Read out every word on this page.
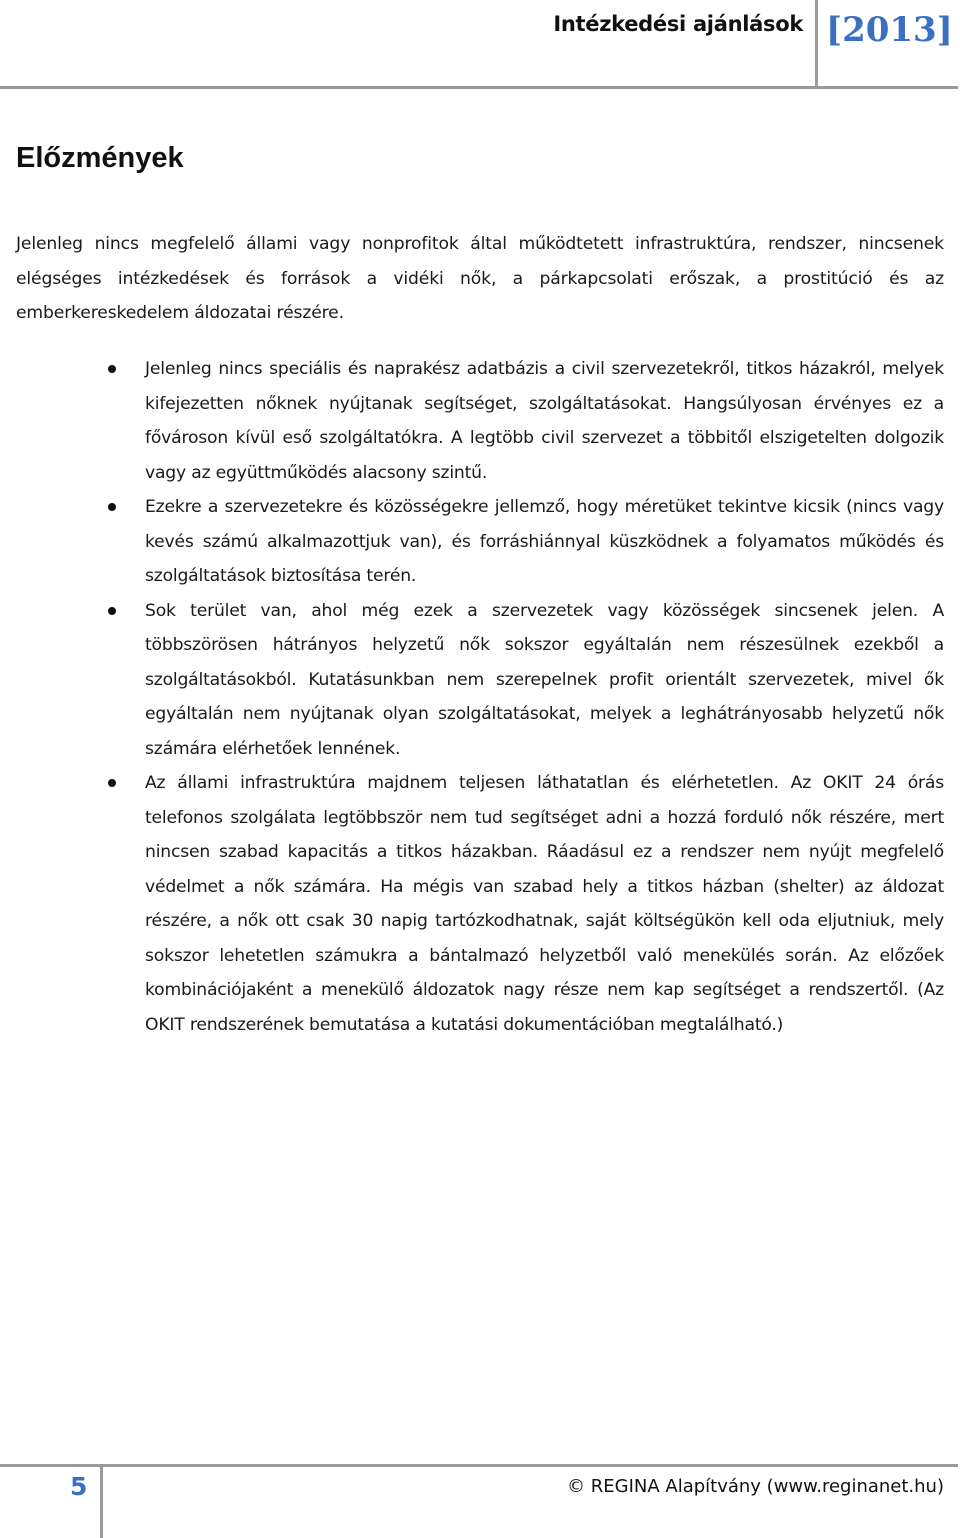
Intézkedési ajánlások [2013]
Előzmények

Jelenleg nincs megfelelő állami vagy nonprofitok által működtetett infrastruktúra, rendszer, nincsenek elégséges intézkedések és források a vidéki nők, a párkapcsolati erőszak, a prostitúció és az emberkereskedelem áldozatai részére.

Jelenleg nincs speciális és naprakész adatbázis a civil szervezetekről, titkos házakról, melyek kifejezetten nőknek nyújtanak segítséget, szolgáltatásokat. Hangsúlyosan érvényes ez a fővároson kívül eső szolgáltatókra. A legtöbb civil szervezet a többitől elszigetelten dolgozik vagy az együttműködés alacsony szintű.
Ezekre a szervezetekre és közösségekre jellemző, hogy méretüket tekintve kicsik (nincs vagy kevés számú alkalmazottjuk van), és forráshiánnyal küszködnek a folyamatos működés és szolgáltatások biztosítása terén.
Sok terület van, ahol még ezek a szervezetek vagy közösségek sincsenek jelen. A többszörösen hátrányos helyzetű nők sokszor egyáltalán nem részesülnek ezekből a szolgáltatásokból. Kutatásunkban nem szerepelnek profit orientált szervezetek, mivel ők egyáltalán nem nyújtanak olyan szolgáltatásokat, melyek a leghátrányosabb helyzetű nők számára elérhetőek lennének.
Az állami infrastruktúra majdnem teljesen láthatatlan és elérhetetlen. Az OKIT 24 órás telefonos szolgálata legtöbbször nem tud segítséget adni a hozzá forduló nők részére, mert nincsen szabad kapacitás a titkos házakban. Ráadásul ez a rendszer nem nyújt megfelelő védelmet a nők számára. Ha mégis van szabad hely a titkos házban (shelter) az áldozat részére, a nők ott csak 30 napig tartózkodhatnak, saját költségükön kell oda eljutniuk, mely sokszor lehetetlen számukra a bántalmazó helyzetből való menekülés során. Az előzőek kombinációjaként a menekülő áldozatok nagy része nem kap segítséget a rendszertől. (Az OKIT rendszerének bemutatása a kutatási dokumentációban megtalálható.)
5	© REGINA Alapítvány (www.reginanet.hu)
